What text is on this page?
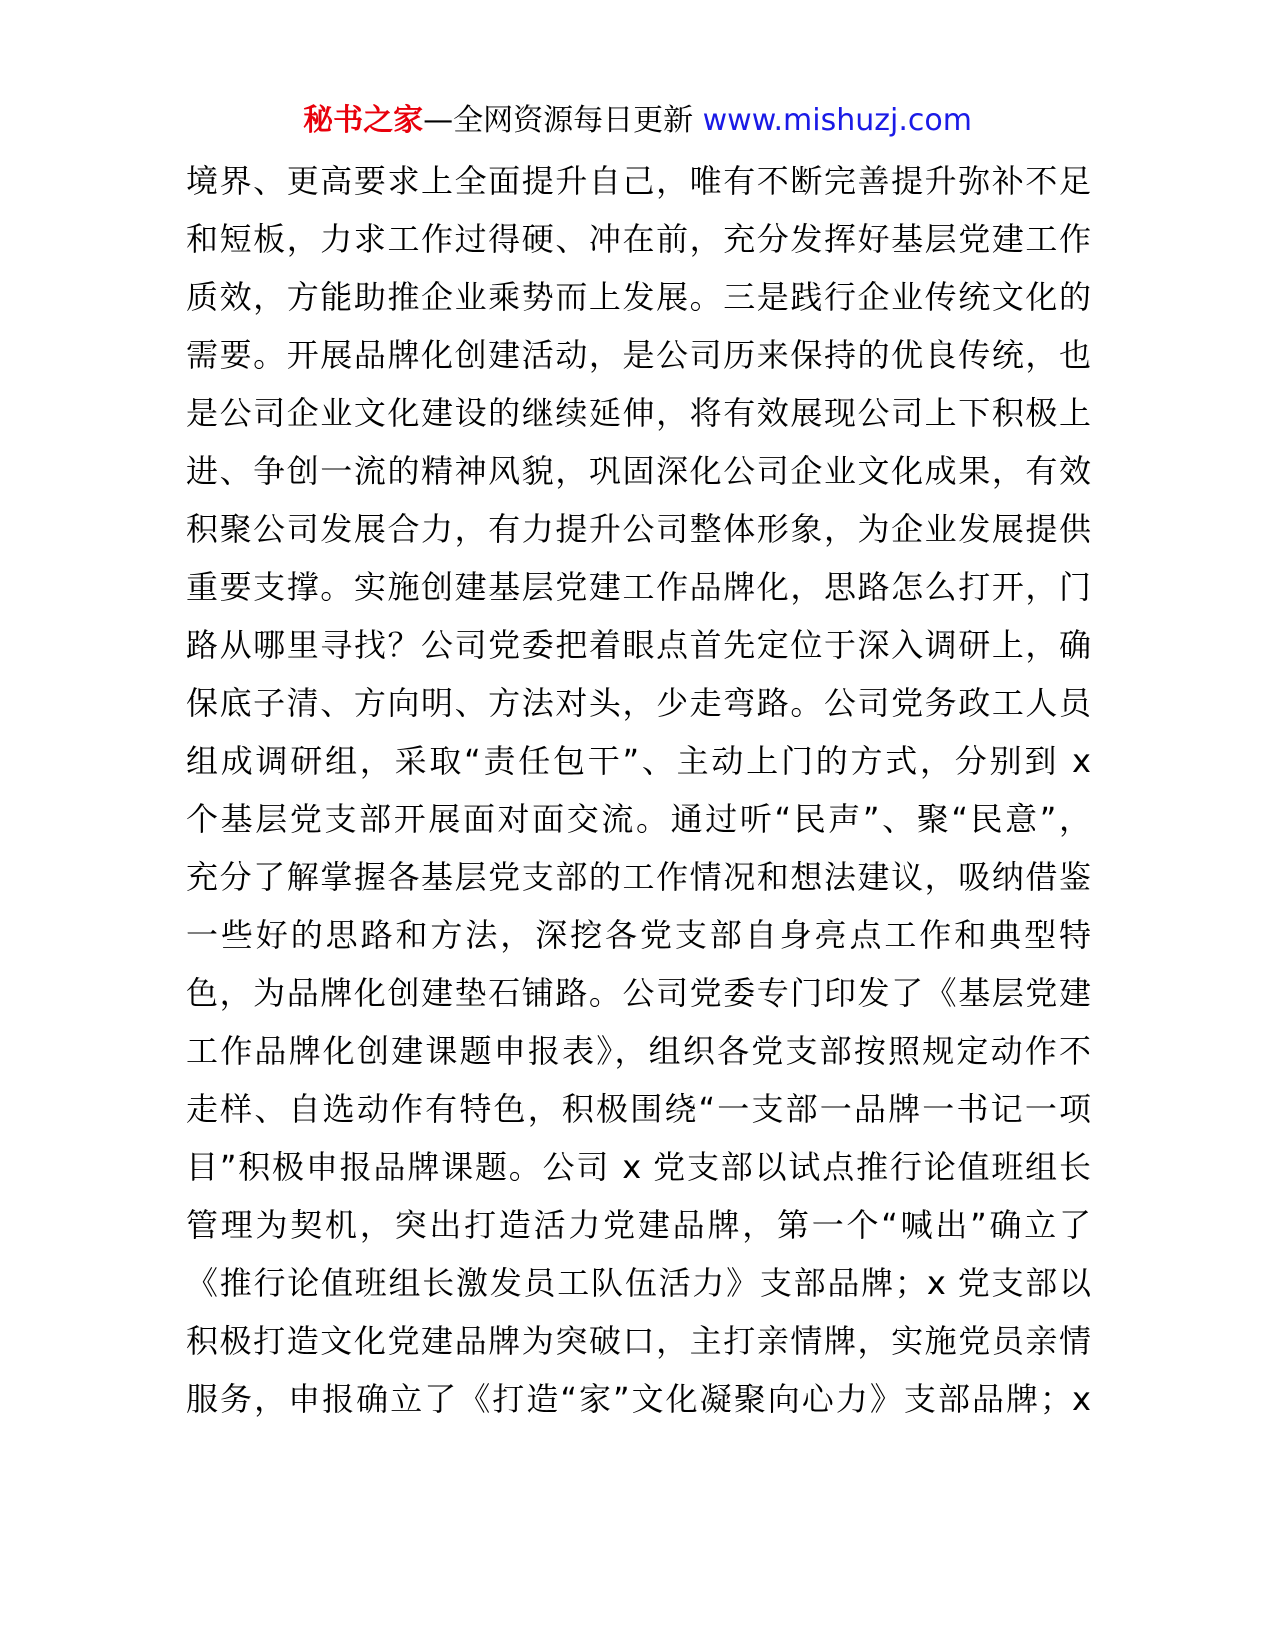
秘书之家—全网资源每日更新 www.mishuzj.com
境界、更高要求上全面提升自己，唯有不断完善提升弥补不足
和短板，力求工作过得硬、冲在前，充分发挥好基层党建工作
质效，方能助推企业乘势而上发展。三是践行企业传统文化的
需要。开展品牌化创建活动，是公司历来保持的优良传统，也
是公司企业文化建设的继续延伸，将有效展现公司上下积极上
进、争创一流的精神风貌，巩固深化公司企业文化成果，有效
积聚公司发展合力，有力提升公司整体形象，为企业发展提供
重要支撑。实施创建基层党建工作品牌化，思路怎么打开，门
路从哪里寻找？公司党委把着眼点首先定位于深入调研上，确
保底子清、方向明、方法对头，少走弯路。公司党务政工人员
组成调研组，采取“责任包干”、主动上门的方式，分别到 x
个基层党支部开展面对面交流。通过听“民声”、聚“民意”，
充分了解掌握各基层党支部的工作情况和想法建议，吸纳借鉴
一些好的思路和方法，深挖各党支部自身亮点工作和典型特
色，为品牌化创建垫石铺路。公司党委专门印发了《基层党建
工作品牌化创建课题申报表》，组织各党支部按照规定动作不
走样、自选动作有特色，积极围绕“一支部一品牌一书记一项
目”积极申报品牌课题。公司 x 党支部以试点推行论值班组长
管理为契机，突出打造活力党建品牌，第一个“喊出”确立了
《推行论值班组长激发员工队伍活力》支部品牌；x 党支部以
积极打造文化党建品牌为突破口，主打亲情牌，实施党员亲情
服务，申报确立了《打造“家”文化凝聚向心力》支部品牌；x
